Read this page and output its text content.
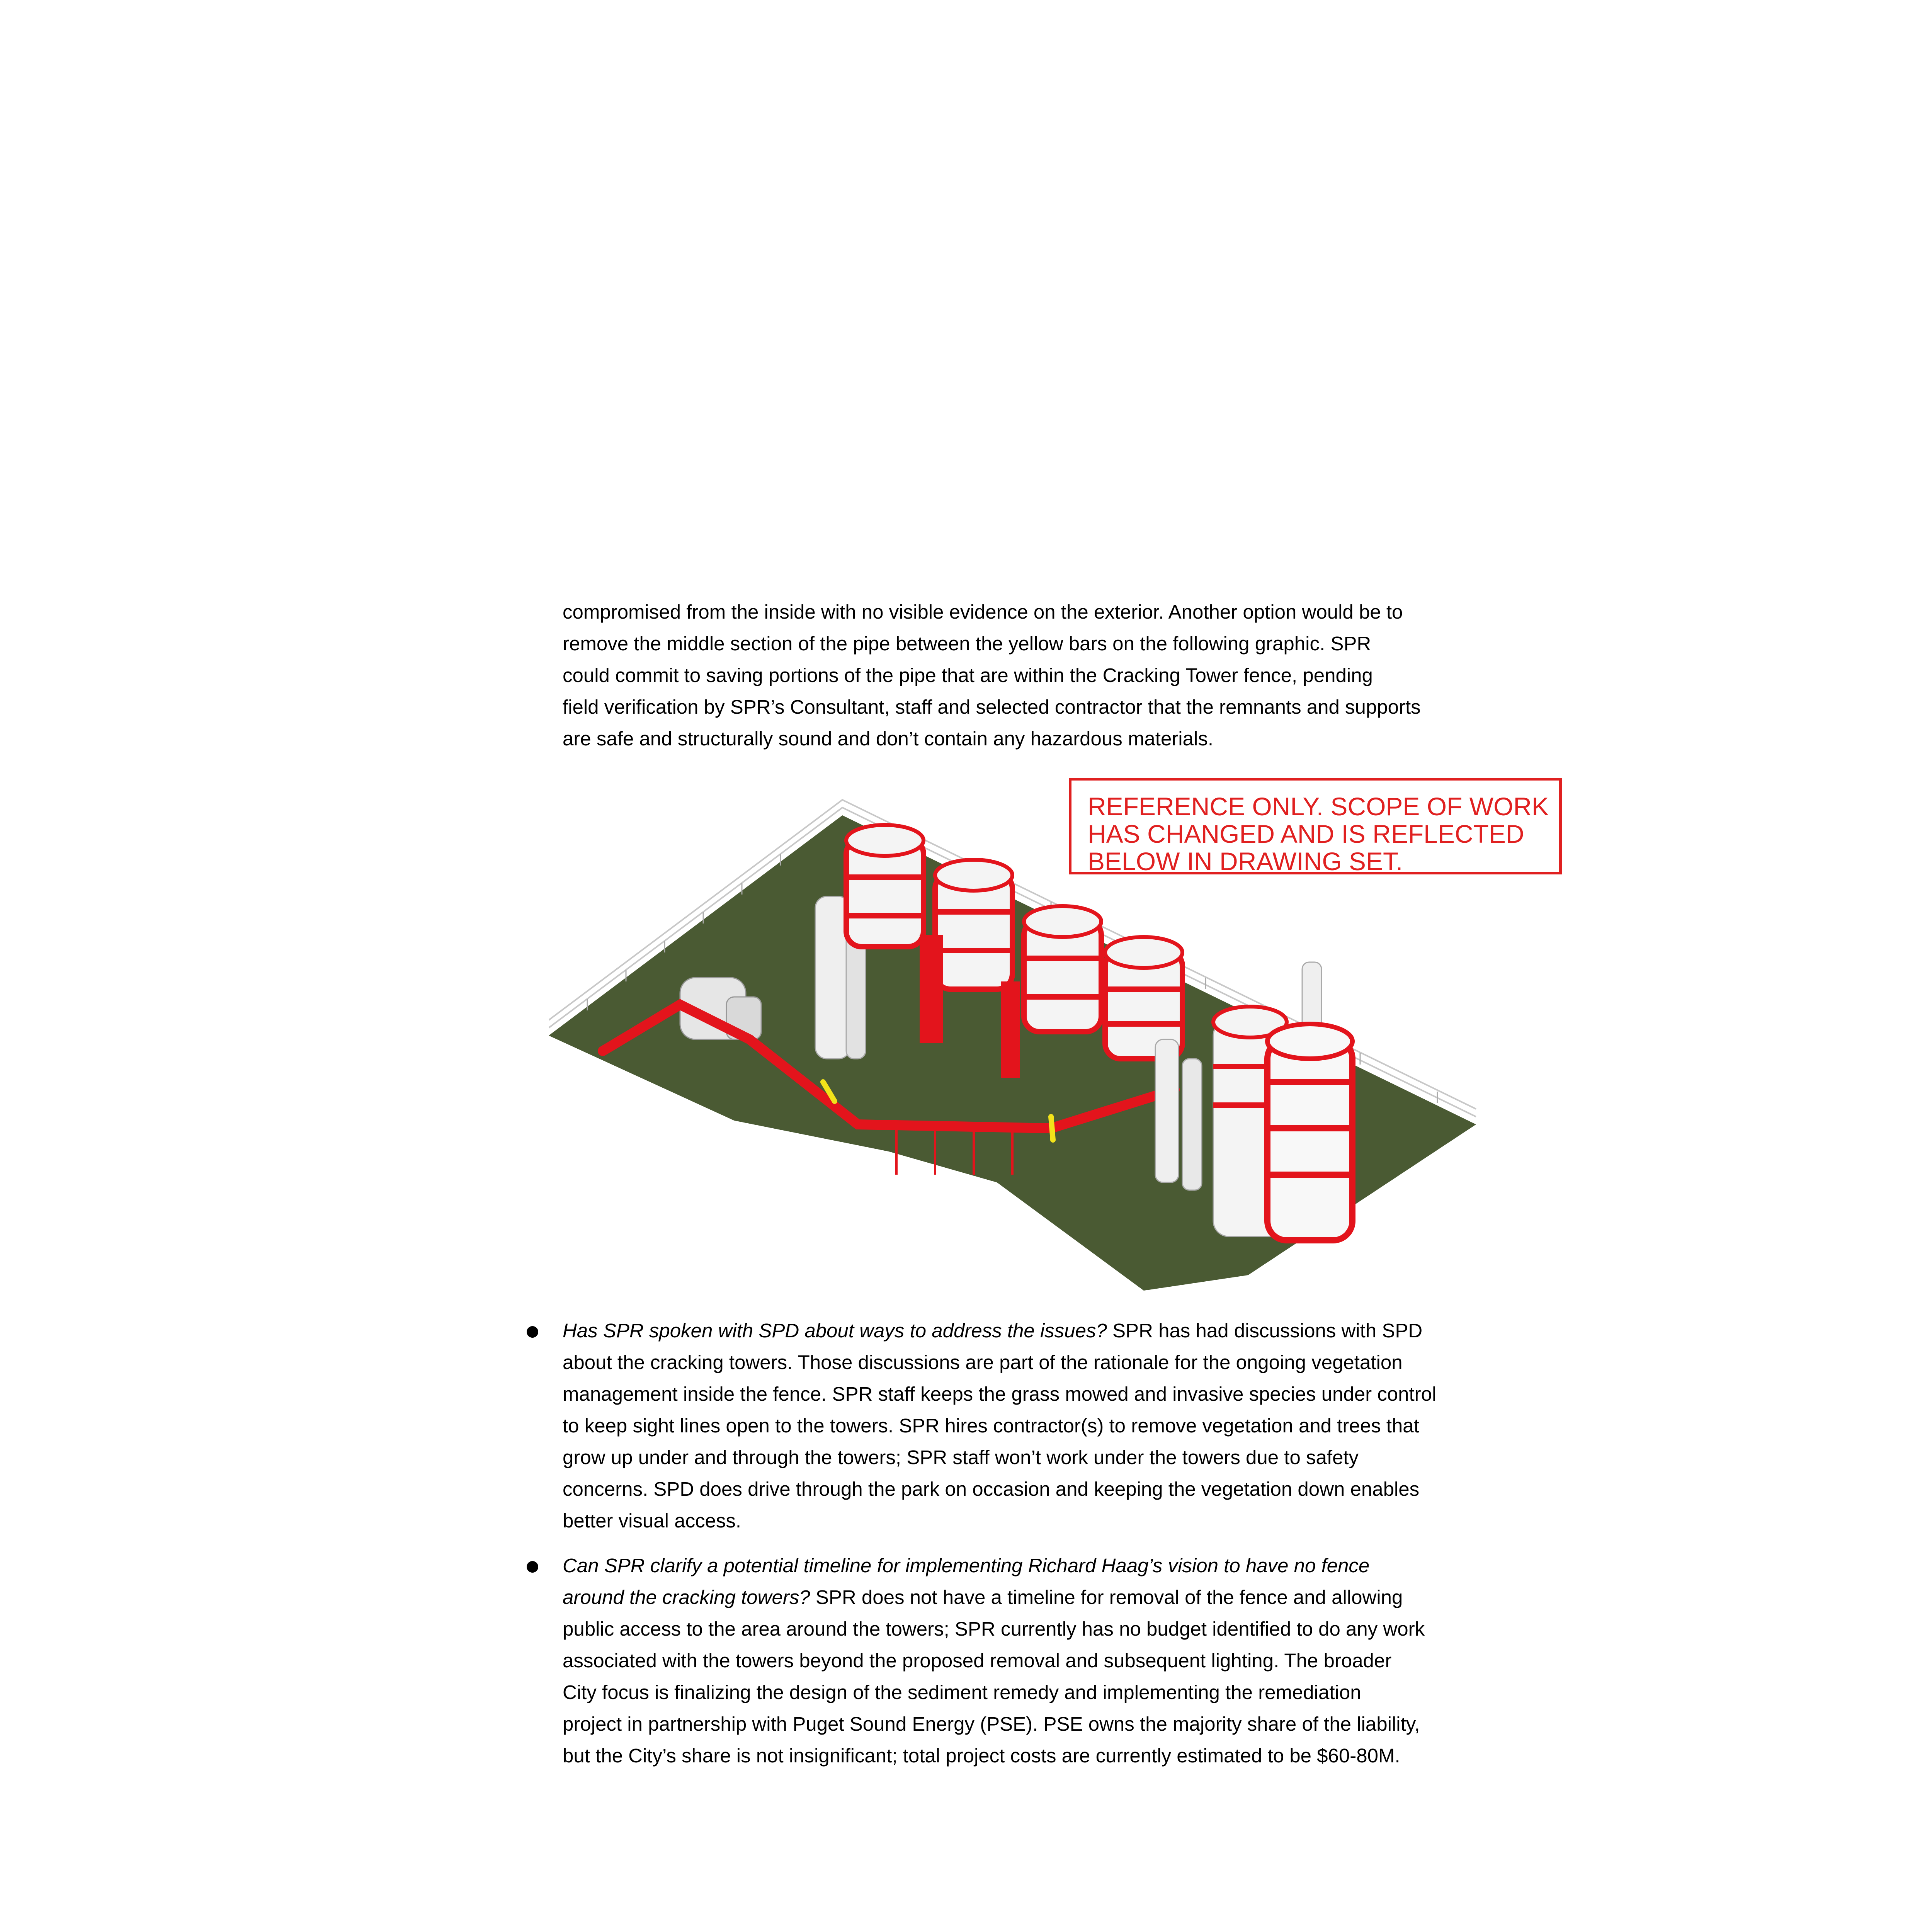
compromised from the inside with no visible evidence on the exterior. Another option would be to
remove the middle section of the pipe between the yellow bars on the following graphic. SPR
could commit to saving portions of the pipe that are within the Cracking Tower fence, pending
field verification by SPR’s Consultant, staff and selected contractor that the remnants and supports
are safe and structurally sound and don’t contain any hazardous materials.
REFERENCE ONLY. SCOPE OF WORK
HAS CHANGED AND IS REFLECTED
BELOW IN DRAWING SET.
Has SPR spoken with SPD about ways to address the issues? SPR has had discussions with SPD
about the cracking towers. Those discussions are part of the rationale for the ongoing vegetation
management inside the fence. SPR staff keeps the grass mowed and invasive species under control
to keep sight lines open to the towers. SPR hires contractor(s) to remove vegetation and trees that
grow up under and through the towers; SPR staff won’t work under the towers due to safety
concerns. SPD does drive through the park on occasion and keeping the vegetation down enables
better visual access.
Can SPR clarify a potential timeline for implementing Richard Haag’s vision to have no fence
around the cracking towers? SPR does not have a timeline for removal of the fence and allowing
public access to the area around the towers; SPR currently has no budget identified to do any work
associated with the towers beyond the proposed removal and subsequent lighting. The broader
City focus is finalizing the design of the sediment remedy and implementing the remediation
project in partnership with Puget Sound Energy (PSE). PSE owns the majority share of the liability,
but the City’s share is not insignificant; total project costs are currently estimated to be $60-80M.
